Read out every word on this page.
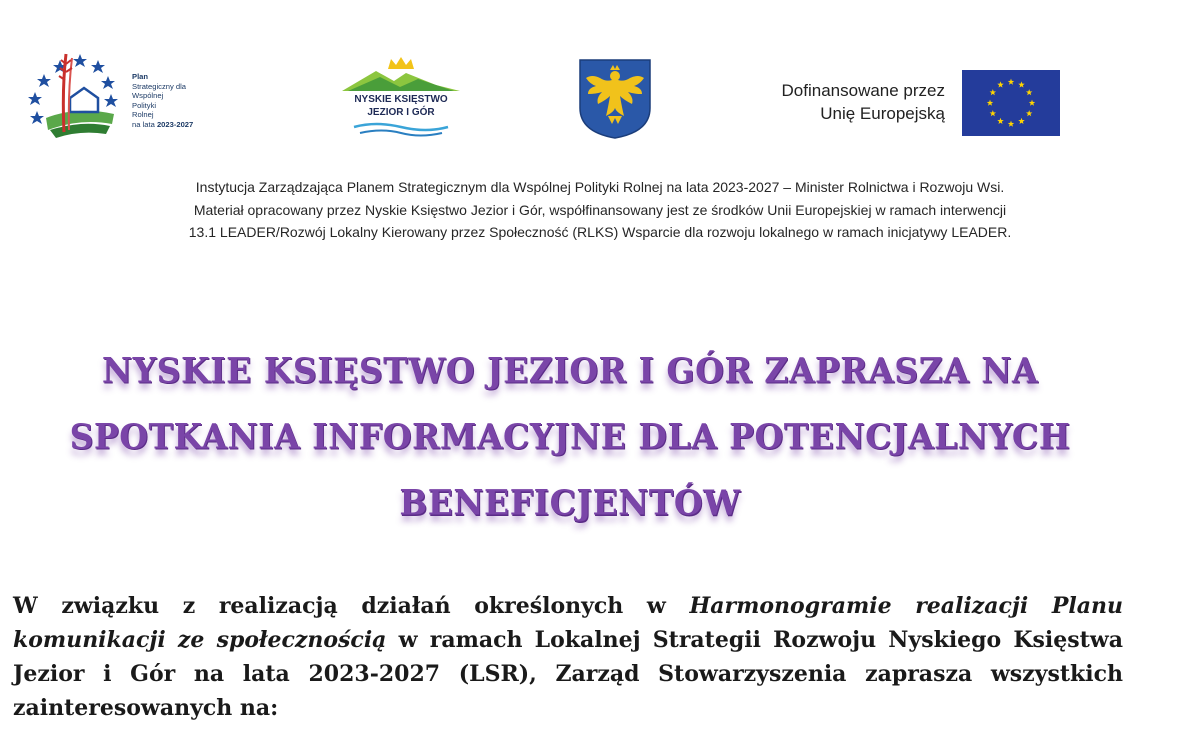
Plan
Strategiczny dla
Wspólnej
Polityki
Rolnej
na lata 2023-2027
NYSKIE KSIĘSTWO
JEZIOR I GÓR
Dofinansowane przez
Unię Europejską
Instytucja Zarządzająca Planem Strategicznym dla Wspólnej Polityki Rolnej na lata 2023-2027 – Minister Rolnictwa i Rozwoju Wsi.
Materiał opracowany przez Nyskie Księstwo Jezior i Gór, współfinansowany jest ze środków Unii Europejskiej w ramach interwencji
13.1 LEADER/Rozwój Lokalny Kierowany przez Społeczność (RLKS) Wsparcie dla rozwoju lokalnego w ramach inicjatywy LEADER.
NYSKIE KSIĘSTWO JEZIOR I GÓR ZAPRASZA NA
SPOTKANIA INFORMACYJNE DLA POTENCJALNYCH
BENEFICJENTÓW
W związku z realizacją działań określonych w Harmonogramie realizacji Planu komunikacji ze społecznością w ramach Lokalnej Strategii Rozwoju Nyskiego Księstwa Jezior i Gór na lata 2023-2027 (LSR), Zarząd Stowarzyszenia zaprasza wszystkich zainteresowanych na:
